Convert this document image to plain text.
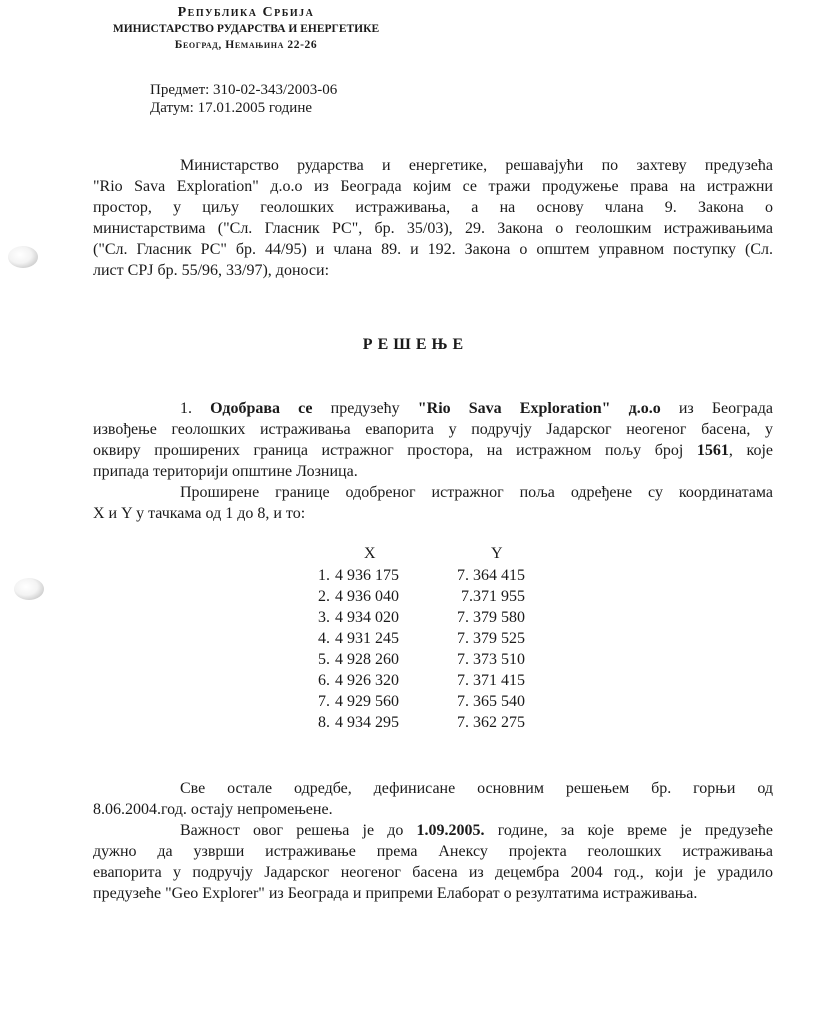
Република Србија
МИНИСТАРСТВО РУДАРСТВА И ЕНЕРГЕТИКЕ
Београд, Немањина 22-26
Предмет: 310-02-343/2003-06
Датум: 17.01.2005 године
Министарство рударства и енергетике, решавајући по захтеву предузећа
"Rio Sava Exploration" д.о.о из Београда којим се тражи продужење права на истражни
простор, у циљу геолошких истраживања, а на основу члана 9. Закона о
министарствима ("Сл. Гласник РС", бр. 35/03), 29. Закона о геолошким истраживањима
("Сл. Гласник РС" бр. 44/95) и члана 89. и 192. Закона о општем управном поступку (Сл.
лист СРЈ бр. 55/96, 33/97), доноси:
РЕШЕЊЕ
1. Одобрава се предузећу "Rio Sava Exploration" д.о.о из Београда
извођење геолошких истраживања евапорита у подручју Јадарског неогеног басена, у
оквиру проширених граница истражног простора, на истражном пољу број 1561, које
припада територији општине Лозница.
Проширене границе одобреног истражног поља одређене су координатама
X и Y у тачкама од 1 до 8, и то:
X	Y
1. 4 936 175	7. 364 415
2. 4 936 040	7.371 955
3. 4 934 020	7. 379 580
4. 4 931 245	7. 379 525
5. 4 928 260	7. 373 510
6. 4 926 320	7. 371 415
7. 4 929 560	7. 365 540
8. 4 934 295	7. 362 275
Све остале одредбе, дефинисане основним решењем бр. горњи од
8.06.2004.год. остају непромењене.
Важност овог решења је до 1.09.2005. године, за које време је предузеће
дужно да узврши истраживање према Анексу пројекта геолошких истраживања
евапорита у подручју Јадарског неогеног басена из децембра 2004 год., који је урадило
предузеће "Geo Explorer" из Београда и припреми Елаборат о резултатима истраживања.
